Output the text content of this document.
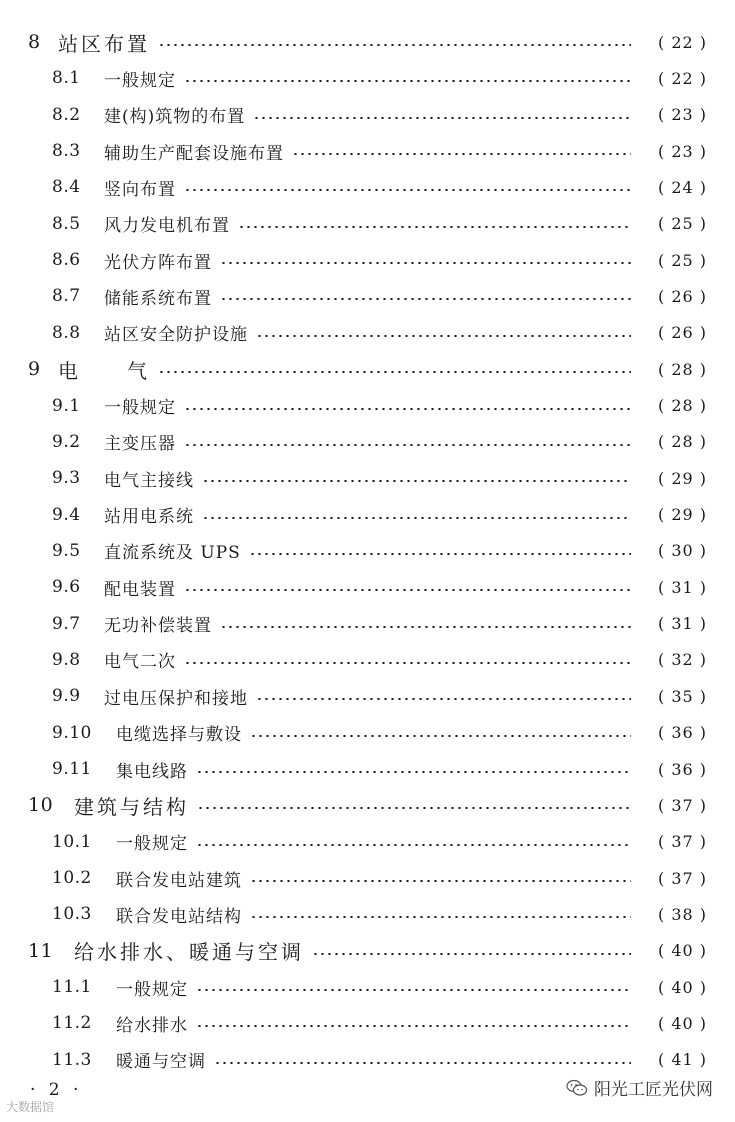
8 站区布置	( 22 )
8.1	一般规定	( 22 )
8.2	建(构)筑物的布置	( 23 )
8.3	辅助生产配套设施布置	( 23 )
8.4	竖向布置	( 24 )
8.5	风力发电机布置	( 25 )
8.6	光伏方阵布置	( 25 )
8.7	储能系统布置	( 26 )
8.8	站区安全防护设施	( 26 )
9 电　　气	( 28 )
9.1	一般规定	( 28 )
9.2	主变压器	( 28 )
9.3	电气主接线	( 29 )
9.4	站用电系统	( 29 )
9.5	直流系统及 UPS	( 30 )
9.6	配电装置	( 31 )
9.7	无功补偿装置	( 31 )
9.8	电气二次	( 32 )
9.9	过电压保护和接地	( 35 )
9.10	电缆选择与敷设	( 36 )
9.11	集电线路	( 36 )
10	建筑与结构	( 37 )
10.1	一般规定	( 37 )
10.2	联合发电站建筑	( 37 )
10.3	联合发电站结构	( 38 )
11	给水排水、暖通与空调	( 40 )
11.1	一般规定	( 40 )
11.2	给水排水	( 40 )
11.3	暖通与空调	( 41 )
· 2 ·	阳光工匠光伏网
大数据馆
